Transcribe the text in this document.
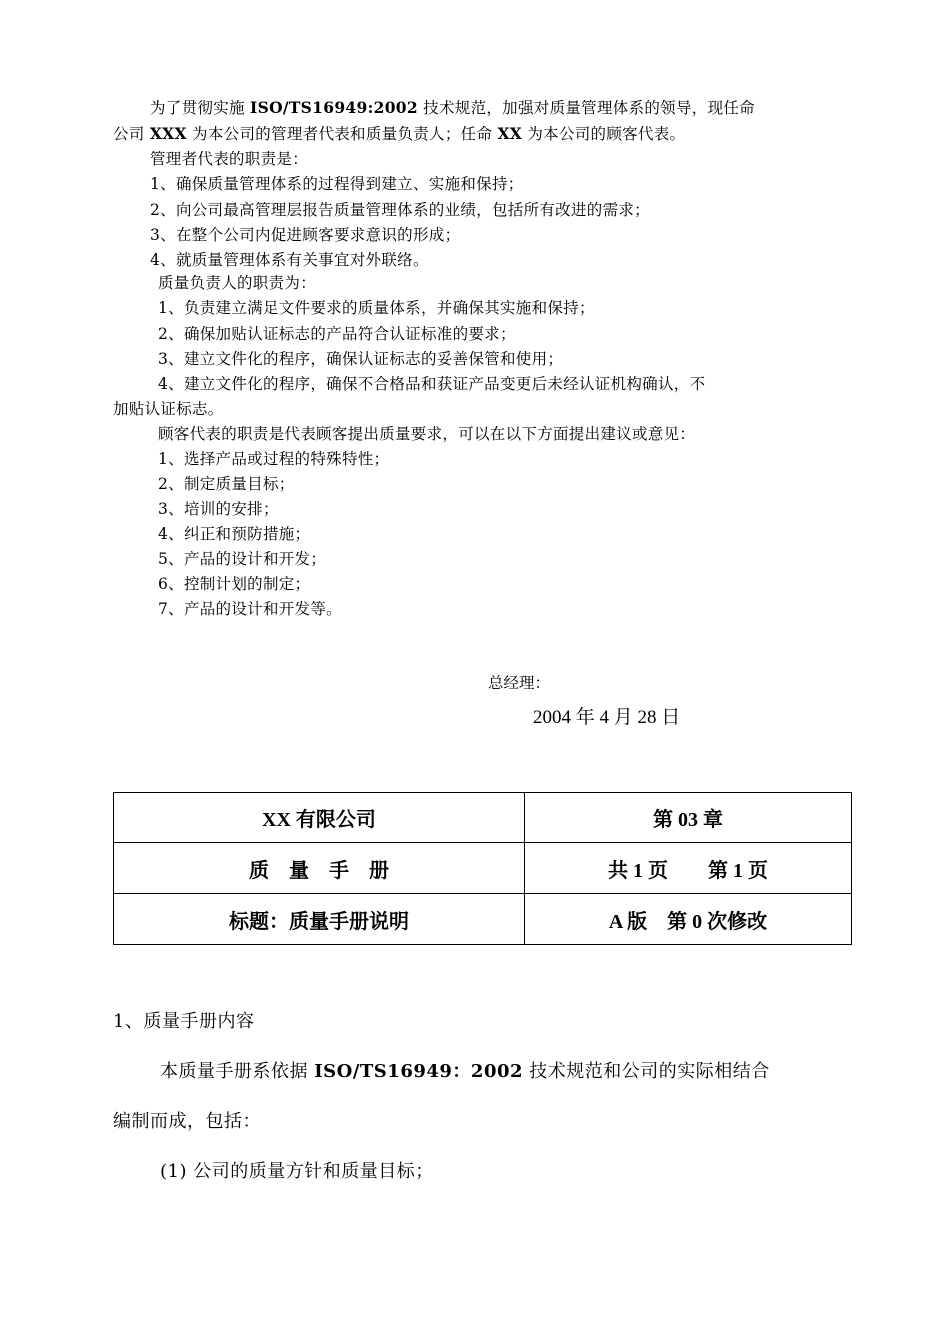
为了贯彻实施 ISO/TS16949:2002 技术规范，加强对质量管理体系的领导，现任命
公司 XXX 为本公司的管理者代表和质量负责人；任命 XX 为本公司的顾客代表。
管理者代表的职责是：
1、确保质量管理体系的过程得到建立、实施和保持；
2、向公司最高管理层报告质量管理体系的业绩，包括所有改进的需求；
3、在整个公司内促进顾客要求意识的形成；
4、就质量管理体系有关事宜对外联络。
质量负责人的职责为：
1、负责建立满足文件要求的质量体系，并确保其实施和保持；
2、确保加贴认证标志的产品符合认证标准的要求；
3、建立文件化的程序，确保认证标志的妥善保管和使用；
4、建立文件化的程序，确保不合格品和获证产品变更后未经认证机构确认，不
加贴认证标志。
顾客代表的职责是代表顾客提出质量要求，可以在以下方面提出建议或意见：
1、选择产品或过程的特殊特性；
2、制定质量目标；
3、培训的安排；
4、纠正和预防措施；
5、产品的设计和开发；
6、控制计划的制定；
7、产品的设计和开发等。
总经理：
2004 年 4 月 28 日
XX 有限公司	第 03 章
质　量　手　册	共 1 页　　第 1 页
标题：质量手册说明	A 版　第 0 次修改
1、质量手册内容
本质量手册系依据 ISO/TS16949：2002 技术规范和公司的实际相结合
编制而成，包括：
(1) 公司的质量方针和质量目标；
